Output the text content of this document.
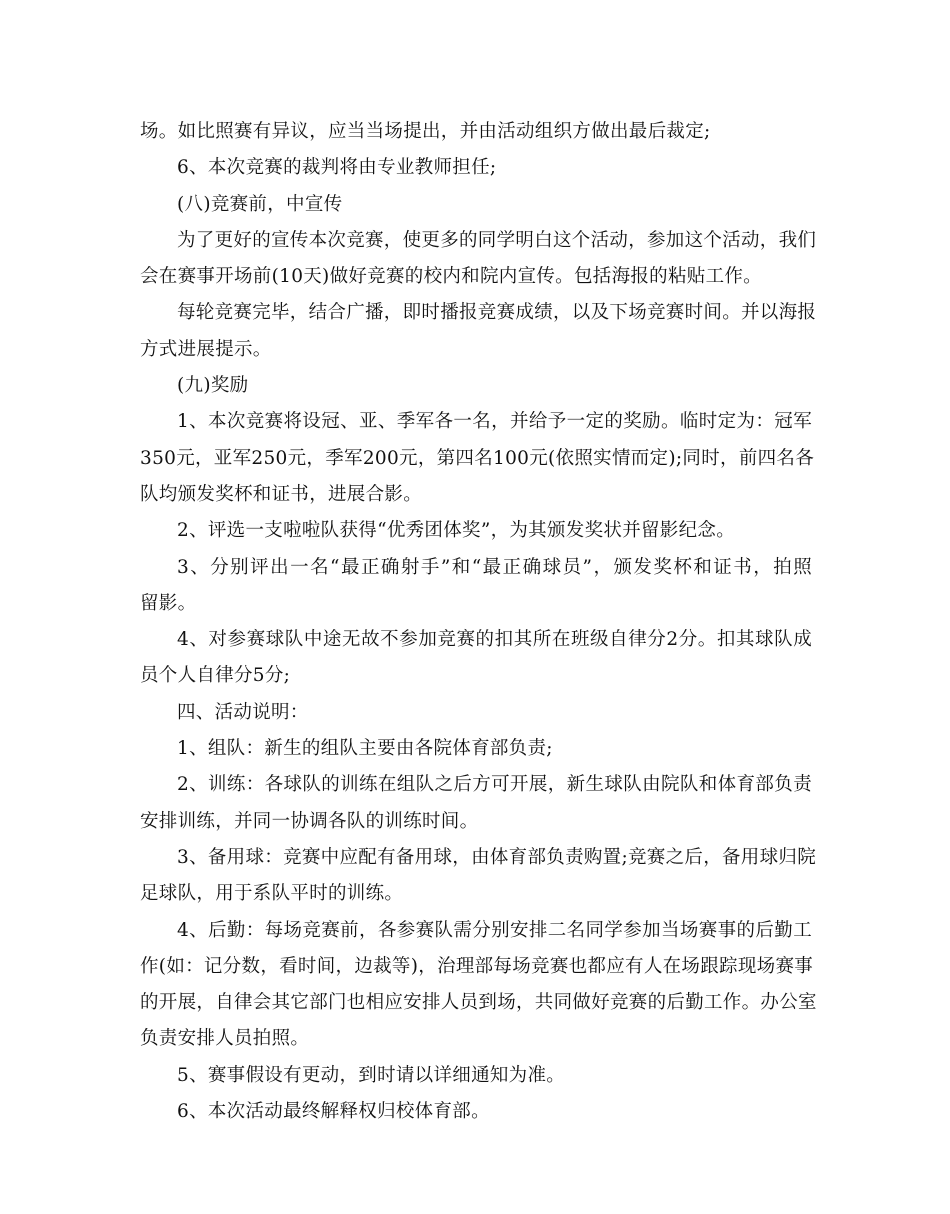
场。如比照赛有异议，应当当场提出，并由活动组织方做出最后裁定;
6、本次竞赛的裁判将由专业教师担任;
(八)竞赛前，中宣传
为了更好的宣传本次竞赛，使更多的同学明白这个活动，参加这个活动，我们
会在赛事开场前(10天)做好竞赛的校内和院内宣传。包括海报的粘贴工作。
每轮竞赛完毕，结合广播，即时播报竞赛成绩，以及下场竞赛时间。并以海报
方式进展提示。
(九)奖励
1、本次竞赛将设冠、亚、季军各一名，并给予一定的奖励。临时定为：冠军
350元，亚军250元，季军200元，第四名100元(依照实情而定);同时，前四名各
队均颁发奖杯和证书，进展合影。
2、评选一支啦啦队获得“优秀团体奖”，为其颁发奖状并留影纪念。
3、分别评出一名“最正确射手”和“最正确球员”，颁发奖杯和证书，拍照
留影。
4、对参赛球队中途无故不参加竞赛的扣其所在班级自律分2分。扣其球队成
员个人自律分5分;
四、活动说明：
1、组队：新生的组队主要由各院体育部负责;
2、训练：各球队的训练在组队之后方可开展，新生球队由院队和体育部负责
安排训练，并同一协调各队的训练时间。
3、备用球：竞赛中应配有备用球，由体育部负责购置;竞赛之后，备用球归院
足球队，用于系队平时的训练。
4、后勤：每场竞赛前，各参赛队需分别安排二名同学参加当场赛事的后勤工
作(如：记分数，看时间，边裁等)，治理部每场竞赛也都应有人在场跟踪现场赛事
的开展，自律会其它部门也相应安排人员到场，共同做好竞赛的后勤工作。办公室
负责安排人员拍照。
5、赛事假设有更动，到时请以详细通知为准。
6、本次活动最终解释权归校体育部。
